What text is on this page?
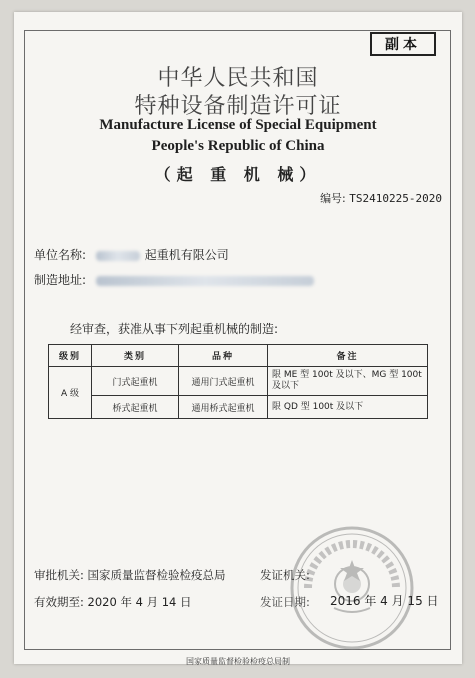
副本
中华人民共和国
特种设备制造许可证
Manufacture License of Special Equipment
People's Republic of China
（起 重 机 械）
编号: TS2410225-2020
单位名称:	起重机有限公司
制造地址:
经审查，获准从事下列起重机械的制造:
级别	类别	品种	备注
A 级	门式起重机	通用门式起重机	限 ME 型 100t 及以下、MG 型 100t 及以下
	桥式起重机	通用桥式起重机	限 QD 型 100t 及以下
审批机关: 国家质量监督检验检疫总局	发证机关:
有效期至: 2020 年 4 月 14 日	发证日期: 2016 年 4 月 15 日
国家质量监督检验检疫总局制
